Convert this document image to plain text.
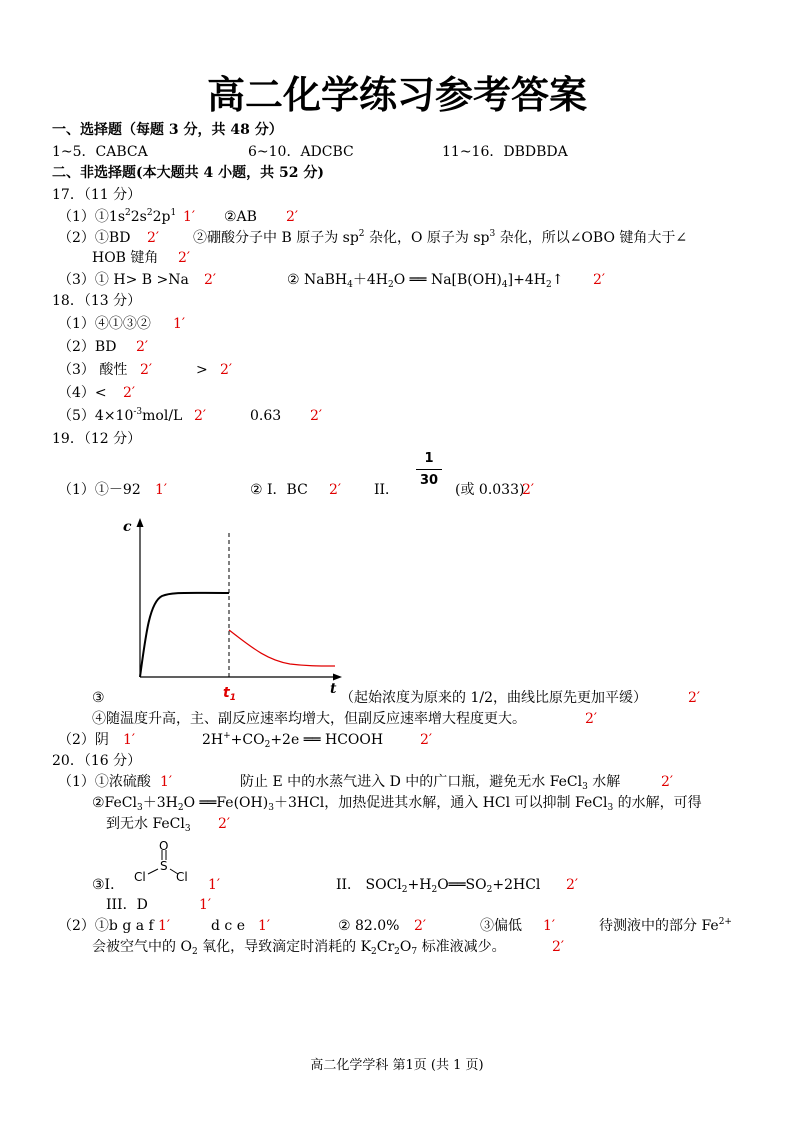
高二化学练习参考答案
一、选择题（每题 3 分，共 48 分）
1~5．CABCA	6~10．ADCBC	11~16．DBDBDA
二、非选择题(本大题共 4 小题，共 52 分)
17．（11 分）
$(1)①1s^22s^22p^1$ 1′ ②AB 2′
（2）①BD 2′ ②硼酸分子中 B 原子为 $sp^2$ 杂化，O 原子为 $sp^3$ 杂化，所以∠OBO 键角大于∠
HOB 键角 2′
（3）① H> B >Na 2′	② $NaBH_4+4H_2O$ ══ $Na[B(OH)_4]+4H_2↑$ 2′
18．（13 分）
（1）④①③② 1′
（2）BD 2′
（3） 酸性 2′	> 2′
（4）< 2′
$(5)4\times 10^{-3}mol/L$ 2′	0.63 2′
19．（12 分）
（1）①－92 1′	② I．BC 2′ II．
1
30
(或 0.033)
2′
c
t
$t_1$
③	（起始浓度为原来的 1/2，曲线比原先更加平缓）	2′
④随温度升高，主、副反应速率均增大，但副反应速率增大程度更大。	2′
（2）阴 1′	$2H^++CO_2+2e$ ══ HCOOH	2′
20．（16 分）
（1）①浓硫酸 1′	防止 E 中的水蒸气进入 D 中的广口瓶，避免无水 FeCl$_3$ 水解	2′
$②FeCl_3+3H_2O$ $══Fe(OH)_3+3HCl$，加热促进其水解，通入 HCl 可以抑制 FeCl$_3$ 的水解，可得
到无水 FeCl$_3$ 2′
O
S
Cl	Cl
③I．	1′	II． $SOCl_2+H_2O══SO_2+2HCl$ 2′
III．D	1′
（2）①b g a f 1′	d c e 1′	② 82.0% 2′	③偏低 1′	待测液中的部分 $Fe^{2+}$
会被空气中的 $O_2$ 氧化，导致滴定时消耗的 $K_2Cr_2O_7$ 标准液减少。	2′
高二化学学科 第1页 (共 1 页)
